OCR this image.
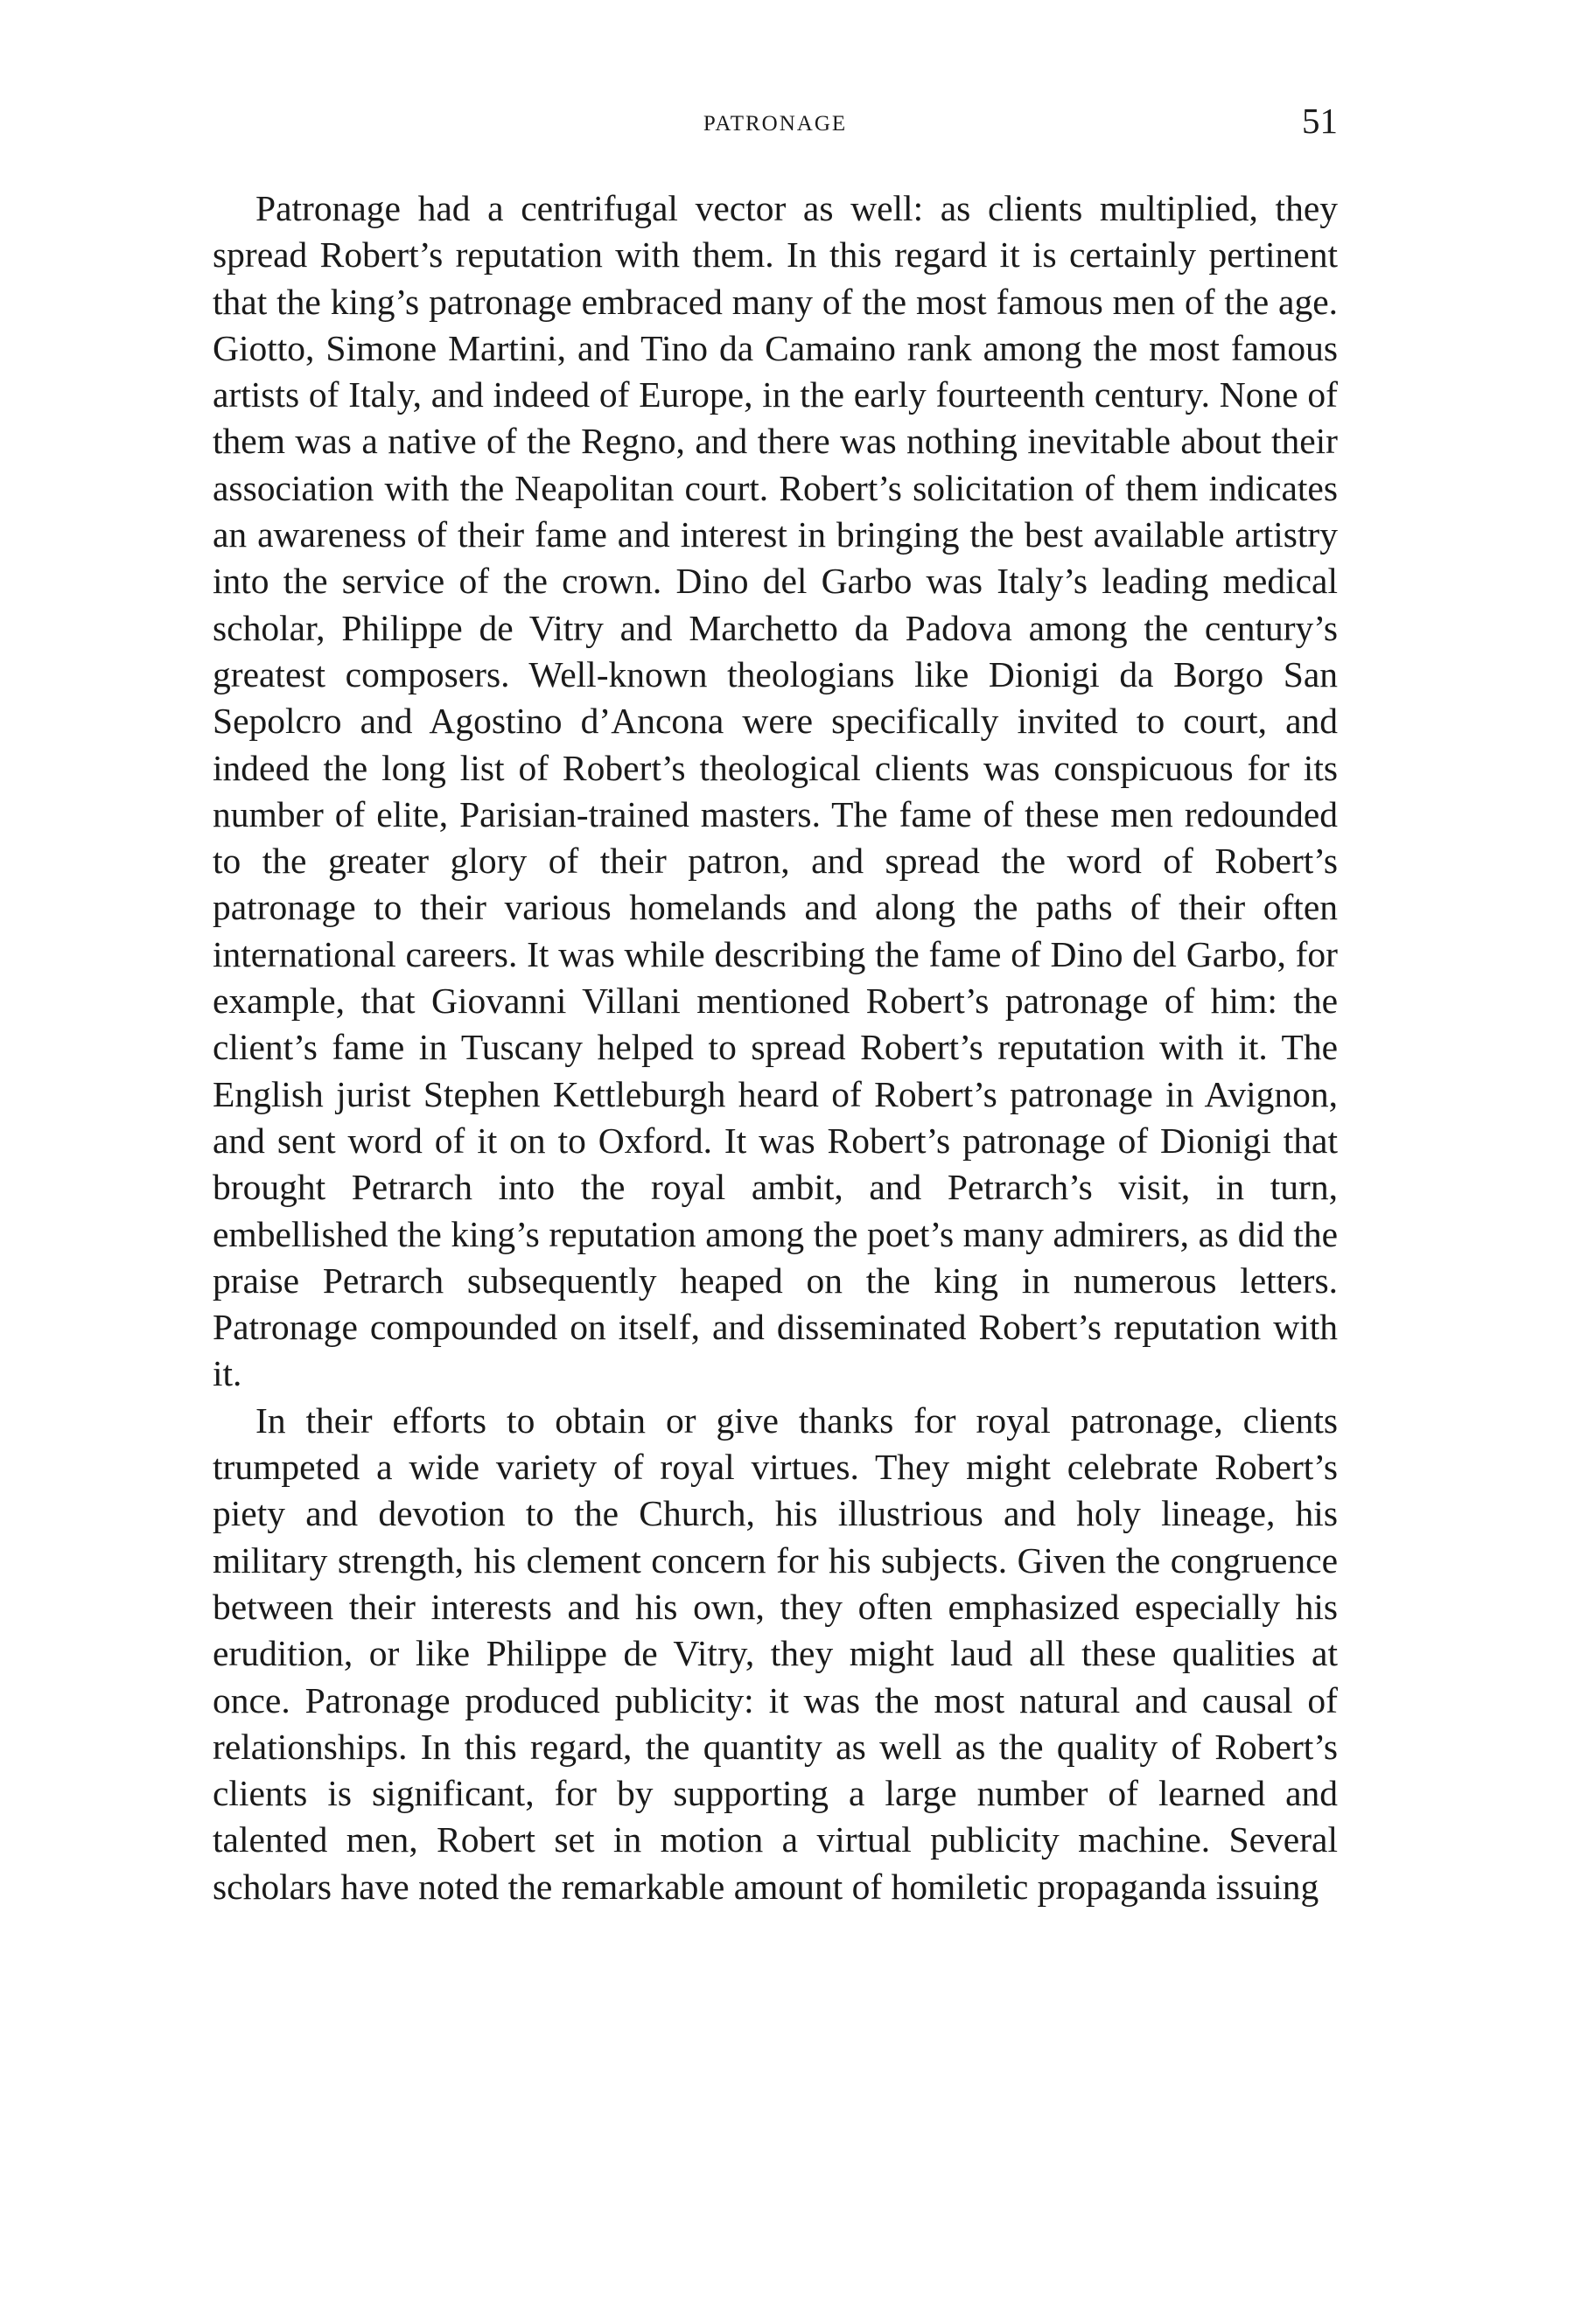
PATRONAGE	51

Patronage had a centrifugal vector as well: as clients multiplied, they spread Robert’s reputation with them. In this regard it is certainly pertinent that the king’s patronage embraced many of the most famous men of the age. Giotto, Simone Martini, and Tino da Camaino rank among the most famous artists of Italy, and indeed of Europe, in the early fourteenth century. None of them was a native of the Regno, and there was nothing inevitable about their association with the Neapolitan court. Robert’s solicitation of them indicates an awareness of their fame and interest in bringing the best available artistry into the service of the crown. Dino del Garbo was Italy’s leading medical scholar, Philippe de Vitry and Marchetto da Padova among the century’s greatest composers. Well-known theologians like Dionigi da Borgo San Sepolcro and Agostino d’Ancona were specifically invited to court, and indeed the long list of Robert’s theological clients was conspicuous for its number of elite, Parisian-trained masters. The fame of these men redounded to the greater glory of their patron, and spread the word of Robert’s patronage to their various homelands and along the paths of their often international careers. It was while describing the fame of Dino del Garbo, for example, that Giovanni Villani mentioned Robert’s patronage of him: the client’s fame in Tuscany helped to spread Robert’s reputation with it. The English jurist Stephen Kettleburgh heard of Robert’s patronage in Avignon, and sent word of it on to Oxford. It was Robert’s patronage of Dionigi that brought Petrarch into the royal ambit, and Petrarch’s visit, in turn, embellished the king’s reputation among the poet’s many admirers, as did the praise Petrarch subsequently heaped on the king in numerous letters. Patronage compounded on itself, and disseminated Robert’s reputation with it.

In their efforts to obtain or give thanks for royal patronage, clients trumpeted a wide variety of royal virtues. They might celebrate Robert’s piety and devotion to the Church, his illustrious and holy lineage, his military strength, his clement concern for his subjects. Given the congruence between their interests and his own, they often emphasized especially his erudition, or like Philippe de Vitry, they might laud all these qualities at once. Patronage produced publicity: it was the most natural and causal of relationships. In this regard, the quantity as well as the quality of Robert’s clients is significant, for by supporting a large number of learned and talented men, Robert set in motion a virtual publicity machine. Several scholars have noted the remarkable amount of homiletic propaganda issuing
